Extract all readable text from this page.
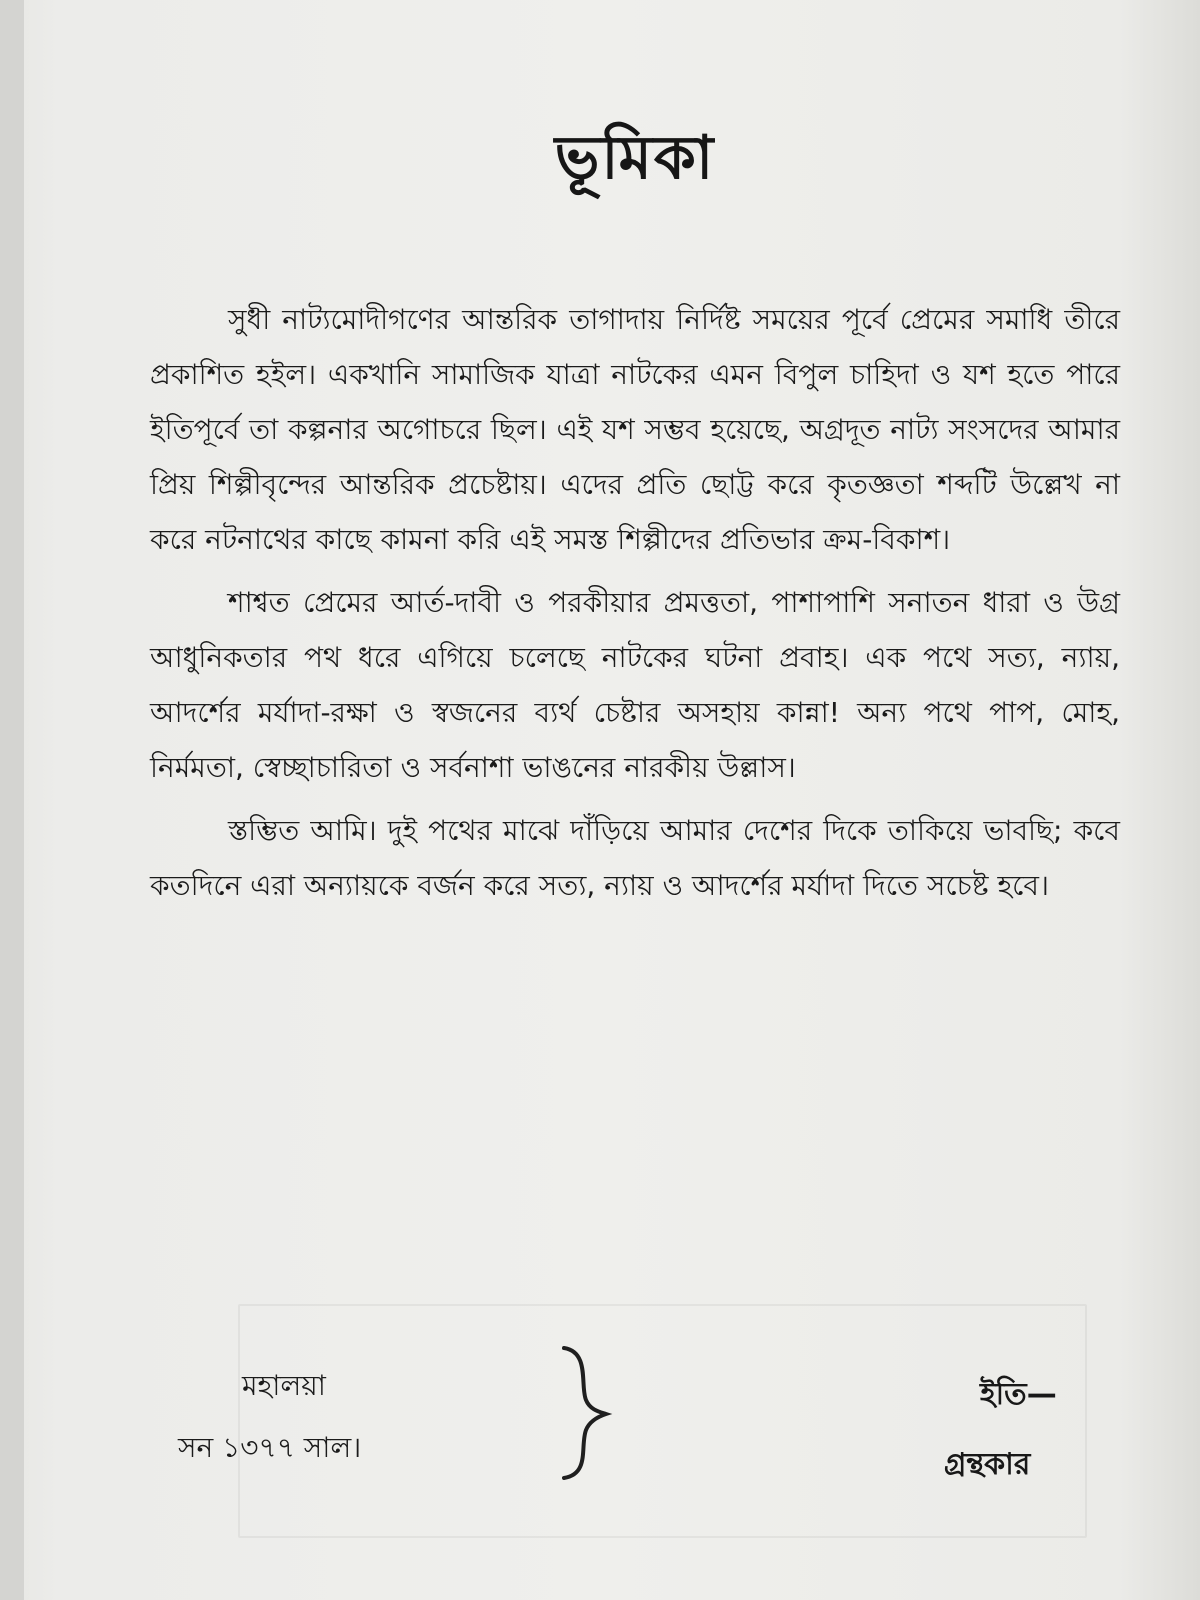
ভূমিকা

সুধী নাট্যমোদীগণের আন্তরিক তাগাদায় নির্দিষ্ট সময়ের পূর্বে প্রেমের সমাধি তীরে প্রকাশিত হইল। একখানি সামাজিক যাত্রা নাটকের এমন বিপুল চাহিদা ও যশ হতে পারে ইতিপূর্বে তা কল্পনার অগোচরে ছিল। এই যশ সম্ভব হয়েছে, অগ্রদূত নাট্য সংসদের আমার প্রিয় শিল্পীবৃন্দের আন্তরিক প্রচেষ্টায়। এদের প্রতি ছোট্ট করে কৃতজ্ঞতা শব্দটি উল্লেখ না করে নটনাথের কাছে কামনা করি এই সমস্ত শিল্পীদের প্রতিভার ক্রম-বিকাশ।

শাশ্বত প্রেমের আর্ত-দাবী ও পরকীয়ার প্রমত্ততা, পাশাপাশি সনাতন ধারা ও উগ্র আধুনিকতার পথ ধরে এগিয়ে চলেছে নাটকের ঘটনা প্রবাহ। এক পথে সত্য, ন্যায়, আদর্শের মর্যাদা-রক্ষা ও স্বজনের ব্যর্থ চেষ্টার অসহায় কান্না! অন্য পথে পাপ, মোহ, নির্মমতা, স্বেচ্ছাচারিতা ও সর্বনাশা ভাঙনের নারকীয় উল্লাস।

স্তম্ভিত আমি। দুই পথের মাঝে দাঁড়িয়ে আমার দেশের দিকে তাকিয়ে ভাবছি; কবে কতদিনে এরা অন্যায়কে বর্জন করে সত্য, ন্যায় ও আদর্শের মর্যাদা দিতে সচেষ্ট হবে।

মহালয়া
সন ১৩৭৭ সাল।
ইতি—
গ্রন্থকার
